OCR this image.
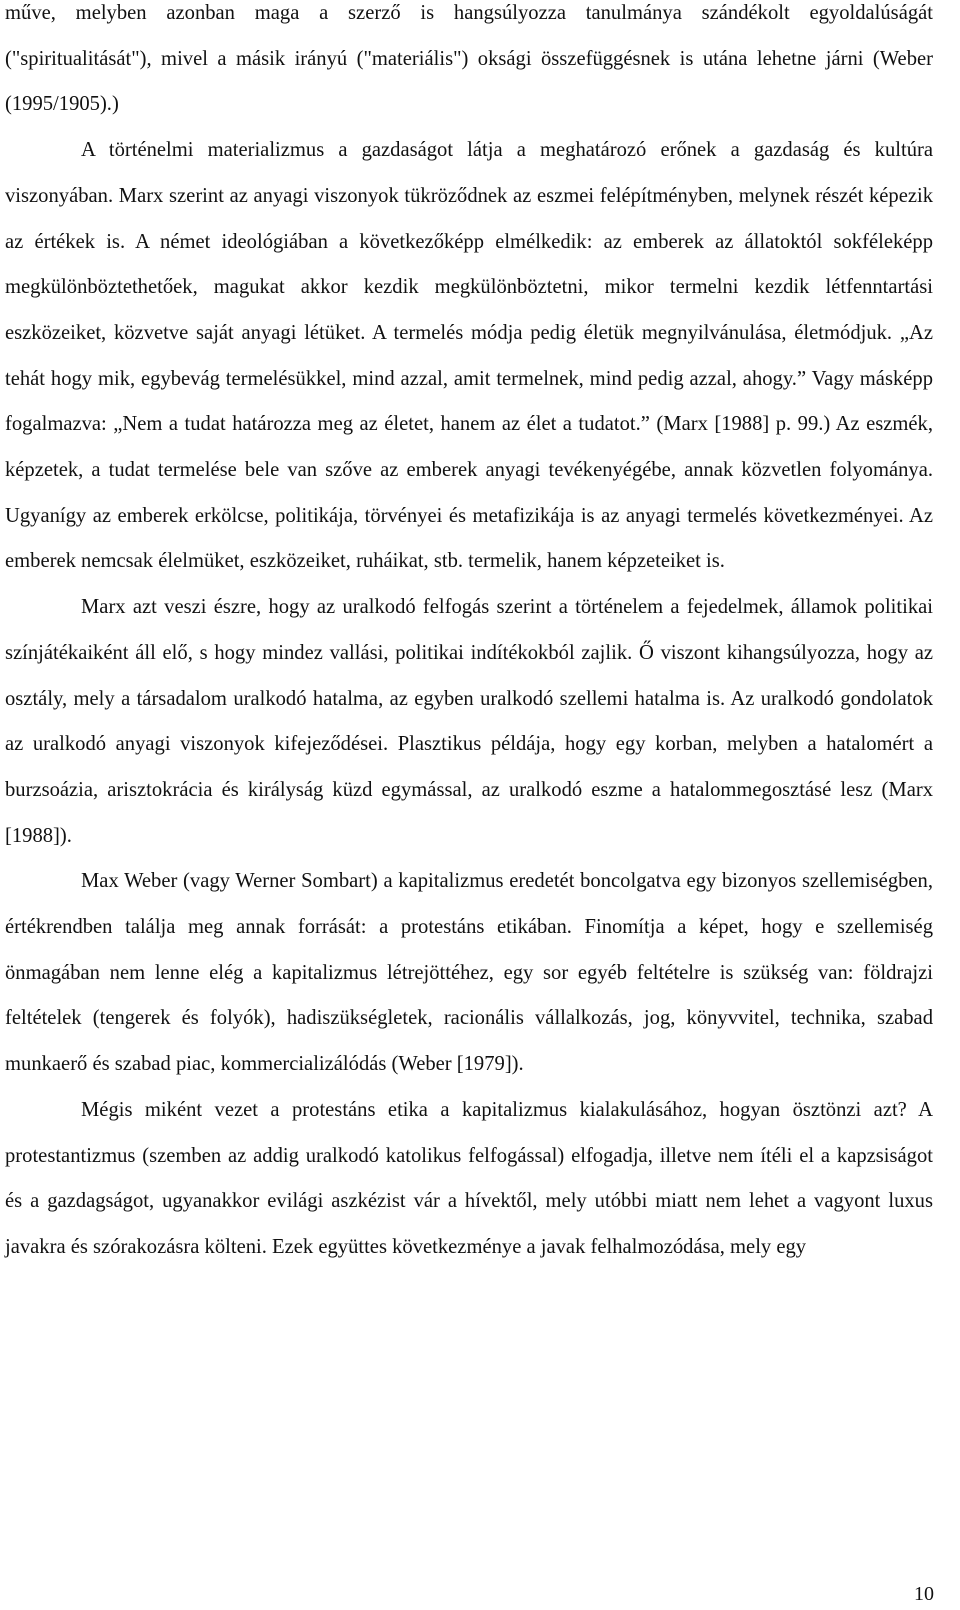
műve, melyben azonban maga a szerző is hangsúlyozza tanulmánya szándékolt egyoldalúságát ("spiritualitását"), mivel a másik irányú ("materiális") oksági összefüggésnek is utána lehetne járni (Weber (1995/1905).)

A történelmi materializmus a gazdaságot látja a meghatározó erőnek a gazdaság és kultúra viszonyában. Marx szerint az anyagi viszonyok tükröződnek az eszmei felépítményben, melynek részét képezik az értékek is. A német ideológiában a következőképp elmélkedik: az emberek az állatoktól sokféleképp megkülönböztethetőek, magukat akkor kezdik megkülönböztetni, mikor termelni kezdik létfenntartási eszközeiket, közvetve saját anyagi létüket. A termelés módja pedig életük megnyilvánulása, életmódjuk. „Az tehát hogy mik, egybevág termelésükkel, mind azzal, amit termelnek, mind pedig azzal, ahogy.” Vagy másképp fogalmazva: „Nem a tudat határozza meg az életet, hanem az élet a tudatot.” (Marx [1988] p. 99.) Az eszmék, képzetek, a tudat termelése bele van szőve az emberek anyagi tevékenyégébe, annak közvetlen folyománya. Ugyanígy az emberek erkölcse, politikája, törvényei és metafizikája is az anyagi termelés következményei. Az emberek nemcsak élelmüket, eszközeiket, ruháikat, stb. termelik, hanem képzeteiket is.

Marx azt veszi észre, hogy az uralkodó felfogás szerint a történelem a fejedelmek, államok politikai színjátékaiként áll elő, s hogy mindez vallási, politikai indítékokból zajlik. Ő viszont kihangsúlyozza, hogy az osztály, mely a társadalom uralkodó hatalma, az egyben uralkodó szellemi hatalma is. Az uralkodó gondolatok az uralkodó anyagi viszonyok kifejeződései. Plasztikus példája, hogy egy korban, melyben a hatalomért a burzsoázia, arisztokrácia és királyság küzd egymással, az uralkodó eszme a hatalommegosztásé lesz (Marx [1988]).

Max Weber (vagy Werner Sombart) a kapitalizmus eredetét boncolgatva egy bizonyos szellemiségben, értékrendben találja meg annak forrását: a protestáns etikában. Finomítja a képet, hogy e szellemiség önmagában nem lenne elég a kapitalizmus létrejöttéhez, egy sor egyéb feltételre is szükség van: földrajzi feltételek (tengerek és folyók), hadiszükségletek, racionális vállalkozás, jog, könyvvitel, technika, szabad munkaerő és szabad piac, kommercializálódás (Weber [1979]).

Mégis miként vezet a protestáns etika a kapitalizmus kialakulásához, hogyan ösztönzi azt? A protestantizmus (szemben az addig uralkodó katolikus felfogással) elfogadja, illetve nem ítéli el a kapzsiságot és a gazdagságot, ugyanakkor evilági aszkézist vár a hívektől, mely utóbbi miatt nem lehet a vagyont luxus javakra és szórakozásra költeni. Ezek együttes következménye a javak felhalmozódása, mely egy

10
